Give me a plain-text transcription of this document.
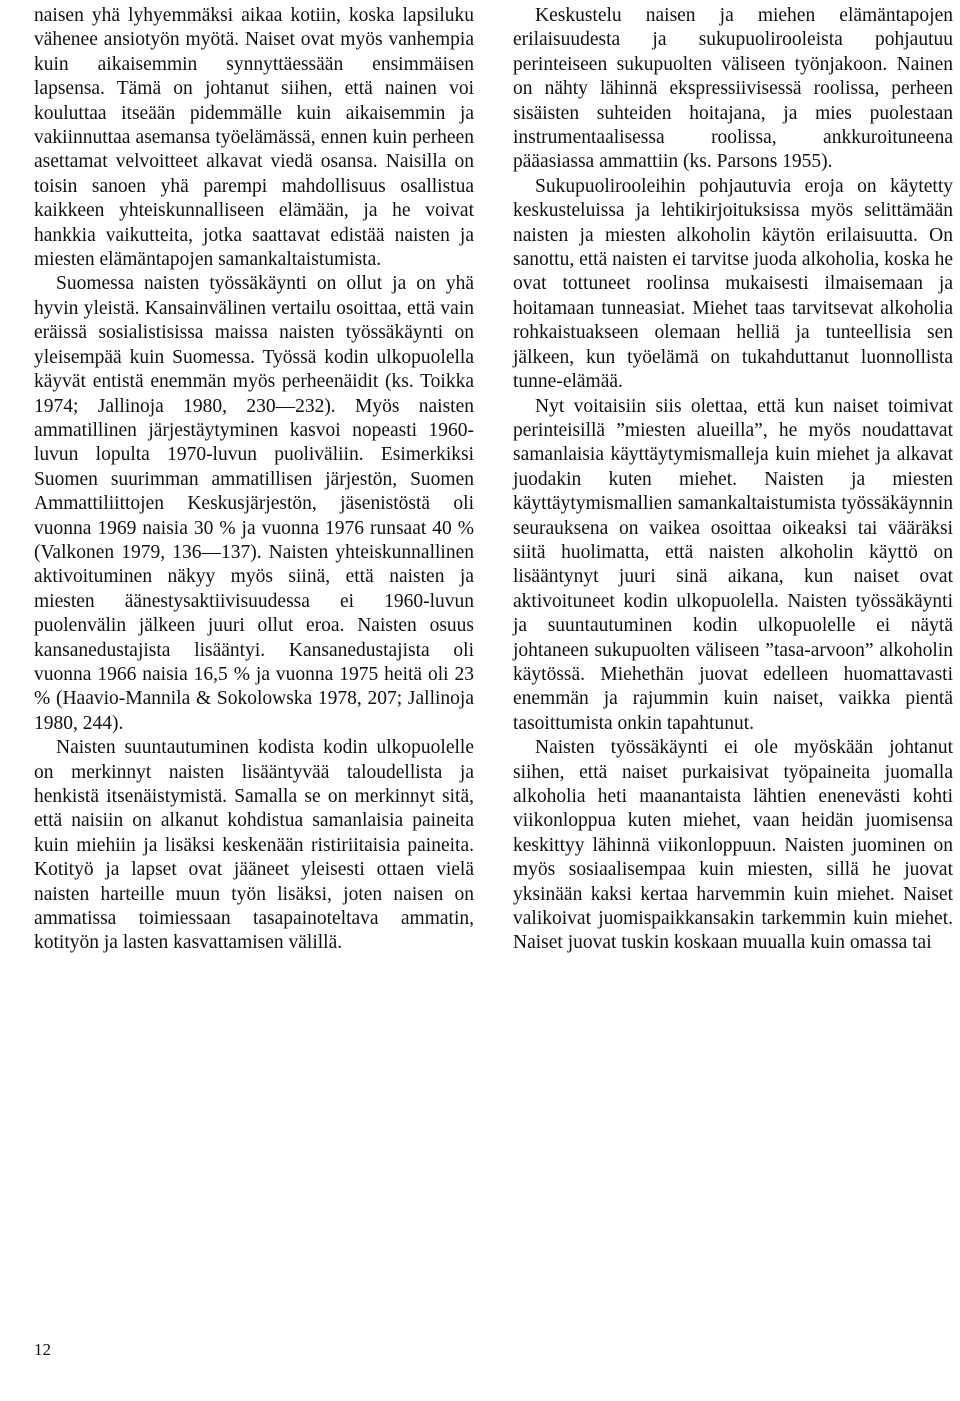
naisen yhä lyhyemmäksi aikaa kotiin, koska lapsiluku vähenee ansiotyön myötä. Naiset ovat myös vanhempia kuin aikaisemmin synnyttäessään ensimmäisen lapsensa. Tämä on johtanut siihen, että nainen voi kouluttaa itseään pidemmälle kuin aikaisemmin ja vakiinnuttaa asemansa työelämässä, ennen kuin perheen asettamat velvoitteet alkavat viedä osansa. Naisilla on toisin sanoen yhä parempi mahdollisuus osallistua kaikkeen yhteiskunnalliseen elämään, ja he voivat hankkia vaikutteita, jotka saattavat edistää naisten ja miesten elämäntapojen samankaltaistumista.

Suomessa naisten työssäkäynti on ollut ja on yhä hyvin yleistä. Kansainvälinen vertailu osoittaa, että vain eräissä sosialistisissa maissa naisten työssäkäynti on yleisempää kuin Suomessa. Työssä kodin ulkopuolella käyvät entistä enemmän myös perheenäidit (ks. Toikka 1974; Jallinoja 1980, 230—232). Myös naisten ammatillinen järjestäytyminen kasvoi nopeasti 1960-luvun lopulta 1970-luvun puoliväliin. Esimerkiksi Suomen suurimman ammatillisen järjestön, Suomen Ammattiliittojen Keskusjärjestön, jäsenistöstä oli vuonna 1969 naisia 30 % ja vuonna 1976 runsaat 40 % (Valkonen 1979, 136—137). Naisten yhteiskunnallinen aktivoituminen näkyy myös siinä, että naisten ja miesten äänestysaktiivisuudessa ei 1960-luvun puolenvälin jälkeen juuri ollut eroa. Naisten osuus kansanedustajista lisääntyi. Kansanedustajista oli vuonna 1966 naisia 16,5 % ja vuonna 1975 heitä oli 23 % (Haavio-Mannila & Sokolowska 1978, 207; Jallinoja 1980, 244).

Naisten suuntautuminen kodista kodin ulkopuolelle on merkinnyt naisten lisääntyvää taloudellista ja henkistä itsenäistymistä. Samalla se on merkinnyt sitä, että naisiin on alkanut kohdistua samanlaisia paineita kuin miehiin ja lisäksi keskenään ristiriitaisia paineita. Kotityö ja lapset ovat jääneet yleisesti ottaen vielä naisten harteille muun työn lisäksi, joten naisen on ammatissa toimiessaan tasapainoteltava ammatin, kotityön ja lasten kasvattamisen välillä.

Keskustelu naisen ja miehen elämäntapojen erilaisuudesta ja sukupuolirooleista pohjautuu perinteiseen sukupuolten väliseen työnjakoon. Nainen on nähty lähinnä ekspressiivisessä roolissa, perheen sisäisten suhteiden hoitajana, ja mies puolestaan instrumentaalisessa roolissa, ankkuroituneena pääasiassa ammattiin (ks. Parsons 1955).

Sukupuolirooleihin pohjautuvia eroja on käytetty keskusteluissa ja lehtikirjoituksissa myös selittämään naisten ja miesten alkoholin käytön erilaisuutta. On sanottu, että naisten ei tarvitse juoda alkoholia, koska he ovat tottuneet roolinsa mukaisesti ilmaisemaan ja hoitamaan tunneasiat. Miehet taas tarvitsevat alkoholia rohkaistuakseen olemaan helliä ja tunteellisia sen jälkeen, kun työelämä on tukahduttanut luonnollista tunne-elämää.

Nyt voitaisiin siis olettaa, että kun naiset toimivat perinteisillä ”miesten alueilla”, he myös noudattavat samanlaisia käyttäytymismalleja kuin miehet ja alkavat juodakin kuten miehet. Naisten ja miesten käyttäytymismallien samankaltaistumista työssäkäynnin seurauksena on vaikea osoittaa oikeaksi tai vääräksi siitä huolimatta, että naisten alkoholin käyttö on lisääntynyt juuri sinä aikana, kun naiset ovat aktivoituneet kodin ulkopuolella. Naisten työssäkäynti ja suuntautuminen kodin ulkopuolelle ei näytä johtaneen sukupuolten väliseen ”tasa-arvoon” alkoholin käytössä. Miehethän juovat edelleen huomattavasti enemmän ja rajummin kuin naiset, vaikka pientä tasoittumista onkin tapahtunut.

Naisten työssäkäynti ei ole myöskään johtanut siihen, että naiset purkaisivat työpaineita juomalla alkoholia heti maanantaista lähtien enenevästi kohti viikonloppua kuten miehet, vaan heidän juomisensa keskittyy lähinnä viikonloppuun. Naisten juominen on myös sosiaalisempaa kuin miesten, sillä he juovat yksinään kaksi kertaa harvemmin kuin miehet. Naiset valikoivat juomispaikkansakin tarkemmin kuin miehet. Naiset juovat tuskin koskaan muualla kuin omassa tai

12
